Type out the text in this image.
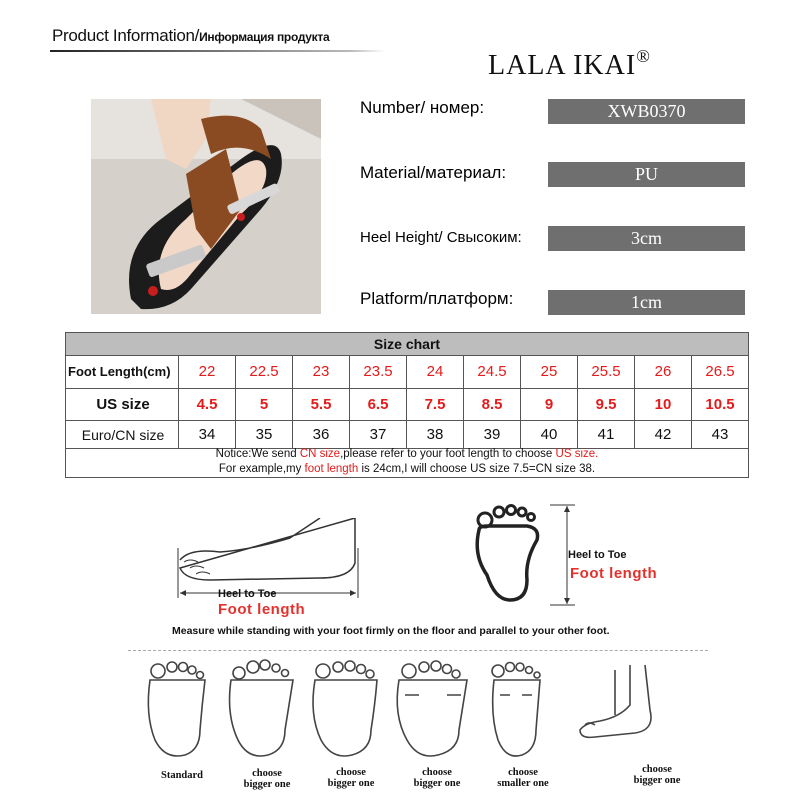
Product Information/Информация продукта
LALA IKAI®
Number/ номер:	XWB0370
Material/материал:	PU
Heel Height/ Свысоким:	3cm
Platform/платформ:	1cm
Size chart
Foot Length(cm)	22	22.5	23	23.5	24	24.5	25	25.5	26	26.5
US size	4.5	5	5.5	6.5	7.5	8.5	9	9.5	10	10.5
Euro/CN size	34	35	36	37	38	39	40	41	42	43
Notice:We send CN size,please refer to your foot length to choose US size.
For example,my foot length is 24cm,I will choose US size 7.5=CN size 38.
Heel to Toe
Foot length
Heel to Toe
Foot length
Measure while standing with your foot firmly on the floor and parallel to your other foot.
Standard	choose
bigger one
choose
bigger one
choose
bigger one
choose
smaller one
choose
bigger one
